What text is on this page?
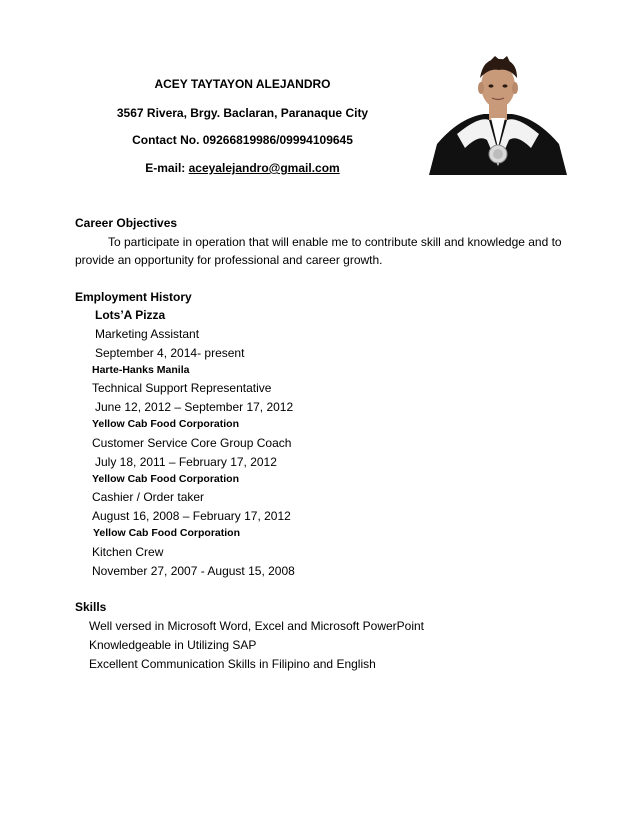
ACEY TAYTAYON ALEJANDRO
3567 Rivera, Brgy. Baclaran, Paranaque City
Contact No. 09266819986/09994109645
E-mail: aceyalejandro@gmail.com
Career Objectives
To participate in operation that will enable me to contribute skill and knowledge and to
provide an opportunity for professional and career growth.
Employment History
Lots’A Pizza
Marketing Assistant
September 4, 2014- present
Harte-Hanks Manila
Technical Support Representative
June 12, 2012 – September 17, 2012
Yellow Cab Food Corporation
Customer Service Core Group Coach
July 18, 2011 – February 17, 2012
Yellow Cab Food Corporation
Cashier / Order taker
August 16, 2008 – February 17, 2012
Yellow Cab Food Corporation
Kitchen Crew
November 27, 2007 - August 15, 2008
Skills
Well versed in Microsoft Word, Excel and Microsoft PowerPoint
Knowledgeable in Utilizing SAP
Excellent Communication Skills in Filipino and English
